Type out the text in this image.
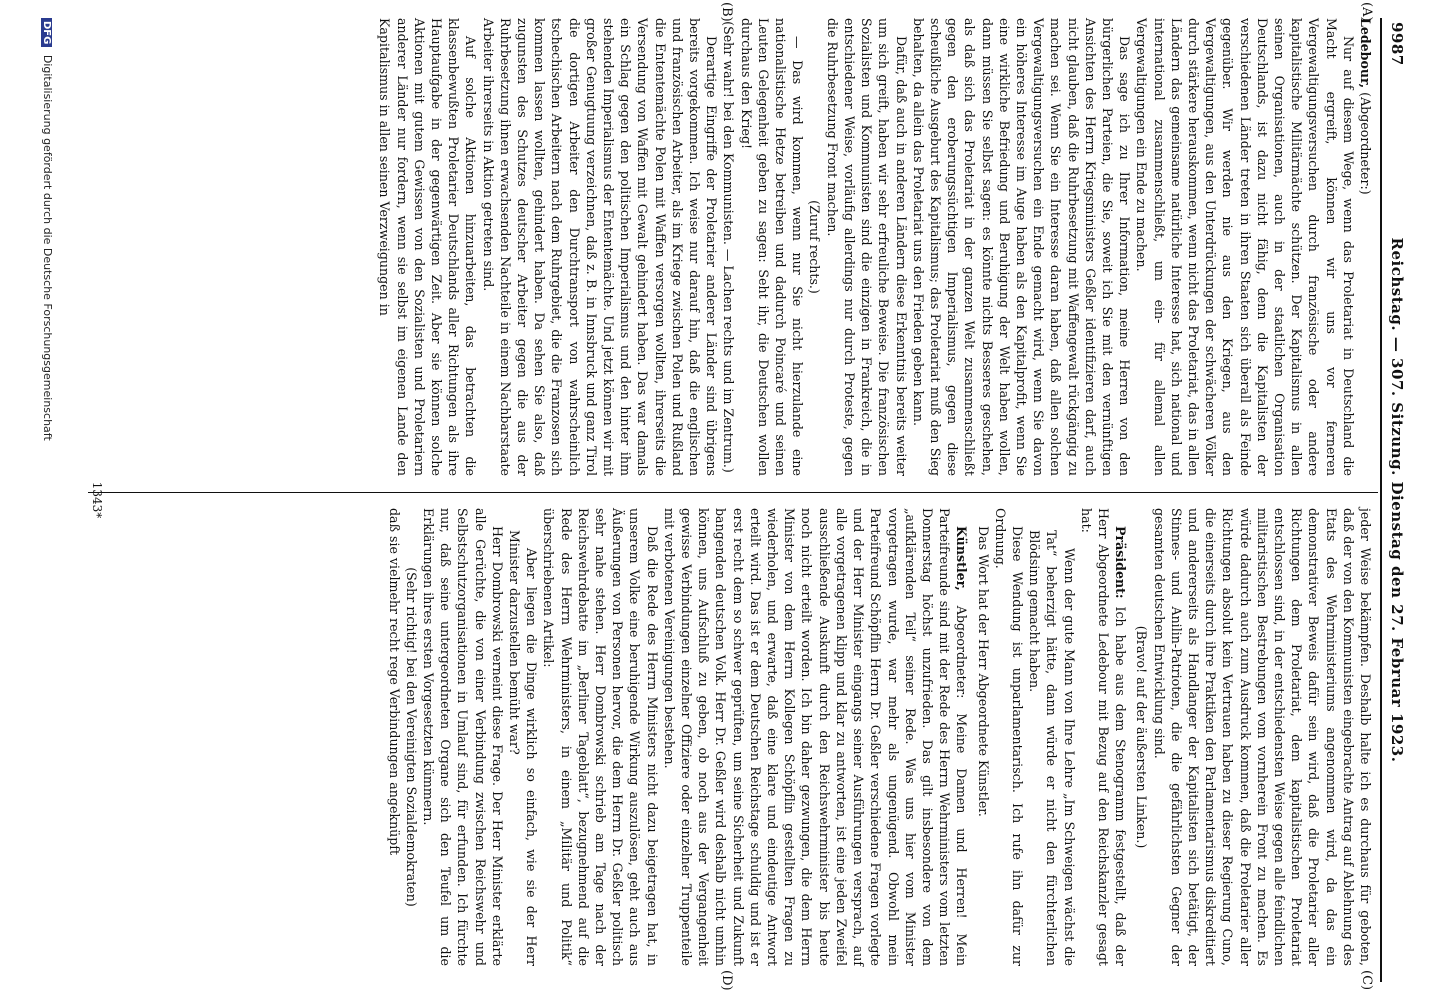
Reichstag. — 307. Sitzung. Dienstag den 27. Februar 1923.
9987
(A)
(B)
(C)
(D)

Ledebour, (Abgeordneter:)

Nur auf diesem Wege, wenn das Proletariat in Deutschland die Macht ergreift, können wir uns vor ferneren Vergewaltigungsversuchen durch französische oder andere kapitalistische Militärmächte schützen. Der Kapitalismus in allen seinen Organisationen, auch in der staatlichen Organisation Deutschlands, ist dazu nicht fähig, denn die Kapitalisten der verschiedenen Länder treten in ihren Staaten sich überall als Feinde gegenüber. Wir werden nie aus den Kriegen, aus den Vergewaltigungen, aus den Unterdrückungen der schwächeren Völker durch stärkere herauskommen, wenn nicht das Proletariat, das in allen Ländern das gemeinsame natürliche Interesse hat, sich national und international zusammenschließt, um ein- für allemal allen Vergewaltigungen ein Ende zu machen.

Das sage ich zu Ihrer Information, meine Herren von den bürgerlichen Parteien, die Sie, soweit ich Sie mit den vernünftigen Ansichten des Herrn Kriegsministers Geßler identifizieren darf, auch nicht glauben, daß die Ruhrbesetzung mit Waffengewalt rückgängig zu machen sei. Wenn Sie ein Interesse daran haben, daß allen solchen Vergewaltigungsversuchen ein Ende gemacht wird, wenn Sie davon ein höheres Interesse im Auge haben als den Kapitalprofit, wenn Sie eine wirkliche Befriedung und Beruhigung der Welt haben wollen, dann müssen Sie selbst sagen: es könnte nichts Besseres geschehen, als daß sich das Proletariat in der ganzen Welt zusammenschließt gegen den eroberungssüchtigen Imperialismus, gegen diese scheußliche Ausgeburt des Kapitalismus; das Proletariat muß den Sieg behalten, da allein das Proletariat uns den Frieden geben kann.

Dafür, daß auch in anderen Ländern diese Erkenntnis bereits weiter um sich greift, haben wir sehr erfreuliche Beweise. Die französischen Sozialisten und Kommunisten sind die einzigen in Frankreich, die in entschiedener Weise, vorläufig allerdings nur durch Proteste, gegen die Ruhrbesetzung Front machen.

(Zuruf rechts.)

— Das wird kommen, wenn nur Sie nicht hierzulande eine nationalistische Hetze betreiben und dadurch Poincaré und seinen Leuten Gelegenheit geben zu sagen: Seht ihr, die Deutschen wollen durchaus den Krieg!

(Sehr wahr! bei den Kommunisten. — Lachen rechts und im Zentrum.)

Derartige Eingriffe der Proletarier anderer Länder sind übrigens bereits vorgekommen. Ich weise nur darauf hin, daß die englischen und französischen Arbeiter, als im Kriege zwischen Polen und Rußland die Ententemächte Polen mit Waffen versorgen wollten, ihrerseits die Versendung von Waffen mit Gewalt gehindert haben. Das war damals ein Schlag gegen den politischen Imperialismus und den hinter ihm stehenden Imperialismus der Ententemächte. Und jetzt können wir mit großer Genugtuung verzeichnen, daß z. B. in Innsbruck und ganz Tirol die dortigen Arbeiter den Durchtransport von wahrscheinlich tschechischen Arbeitern nach dem Ruhrgebiet, die die Franzosen sich kommen lassen wollten, gehindert haben. Da sehen Sie also, daß zugunsten des Schutzes deutscher Arbeiter gegen die aus der Ruhrbesetzung ihnen erwachsenden Nachteile in einem Nachbarstaate Arbeiter ihrerseits in Aktion getreten sind.

Auf solche Aktionen hinzuarbeiten, das betrachten die klassenbewußten Proletarier Deutschlands aller Richtungen als ihre Hauptaufgabe in der gegenwärtigen Zeit. Aber sie können solche Aktionen mit gutem Gewissen von den Sozialisten und Proletariern anderer Länder nur fordern, wenn sie selbst im eigenen Lande den Kapitalismus in allen seinen Verzweigungen in

jeder Weise bekämpfen. Deshalb halte ich es durchaus für geboten, daß der von den Kommunisten eingebrachte Antrag auf Ablehnung des Etats des Wehrministeriums angenommen wird, da das ein demonstrativer Beweis dafür sein wird, daß die Proletarier aller Richtungen dem Proletariat, dem kapitalistischen Proletariat entschlossen sind, in der entschiedensten Weise gegen alle feindlichen militaristischen Bestrebungen vom vornherein Front zu machen. Es würde dadurch auch zum Ausdruck kommen, daß die Proletarier aller Richtungen absolut kein Vertrauen haben zu dieser Regierung Cuno, die einerseits durch ihre Praktiken den Parlamentarismus diskreditiert und andererseits als Handlanger der Kapitalisten sich betätigt, der Stinnes- und Anilin-Patrioten, die die gefährlichsten Gegner der gesamten deutschen Entwicklung sind.

(Bravo! auf der äußersten Linken.)

Präsident: Ich habe aus dem Stenogramm festgestellt, daß der Herr Abgeordnete Ledebour mit Bezug auf den Reichskanzler gesagt hat:

Wenn der gute Mann von Ihre Lehre „Im Schweigen wächst die Tat“ beherzigt hätte, dann würde er nicht den fürchterlichen Blödsinn gemacht haben.

Diese Wendung ist unparlamentarisch. Ich rufe ihn dafür zur Ordnung.

Das Wort hat der Herr Abgeordnete Künstler.

Künstler, Abgeordneter: Meine Damen und Herren! Mein Parteifreunde sind mit der Rede des Herrn Wehrministers vom letzten Donnerstag höchst unzufrieden. Das gilt insbesondere von dem „aufklärenden Teil“ seiner Rede. Was uns hier vom Minister vorgetragen wurde, war mehr als ungenügend. Obwohl mein Parteifreund Schöpflin Herrn Dr. Geßler verschiedene Fragen vorlegte und der Herr Minister eingangs seiner Ausführungen versprach, auf alle vorgetragenen klipp und klar zu antworten, ist eine jeden Zweifel ausschließende Auskunft durch den Reichswehrminister bis heute noch nicht erteilt worden. Ich bin daher gezwungen, die dem Herrn Minister von dem Herrn Kollegen Schöpflin gestellten Fragen zu wiederholen, und erwarte, daß eine klare und eindeutige Antwort erteilt wird. Das ist er dem Deutschen Reichstage schuldig und ist er erst recht dem so schwer geprüften, um seine Sicherheit und Zukunft bangenden deutschen Volk. Herr Dr. Geßler wird deshalb nicht umhin können, uns Aufschluß zu geben, ob noch aus der Vergangenheit gewisse Verbindungen einzelner Offiziere oder einzelner Truppenteile mit verbotenen Vereinigungen bestehen.

Daß die Rede des Herrn Ministers nicht dazu beigetragen hat, in unserem Volke eine beruhigende Wirkung auszulösen, geht auch aus Äußerungen von Personen hervor, die dem Herrn Dr. Geßler politisch sehr nahe stehen. Herr Dombrowski schrieb am Tage nach der Reichswehrdebatte im „Berliner Tageblatt“, bezugnehmend auf die Rede des Herrn Wehrministers, in einem „Militär und Politik“ überschriebenen Artikel:

Aber liegen die Dinge wirklich so einfach, wie sie der Herr Minister darzustellen bemüht war?

Herr Dombrowski verneint diese Frage. Der Herr Minister erklärte alle Gerüchte, die von einer Verbindung zwischen Reichswehr und Selbstschutzorganisationen in Umlauf sind, für erfunden. Ich fürchte nur, daß seine untergeordneten Organe sich den Teufel um die Erklärungen ihres ersten Vorgesetzten kümmern.

(Sehr richtig! bei den Vereinigten Sozialdemokraten)

daß sie vielmehr recht rege Verbindungen angeknüpft

1343*
DFG Digitalisierung gefördert durch die Deutsche Forschungsgemeinschaft
